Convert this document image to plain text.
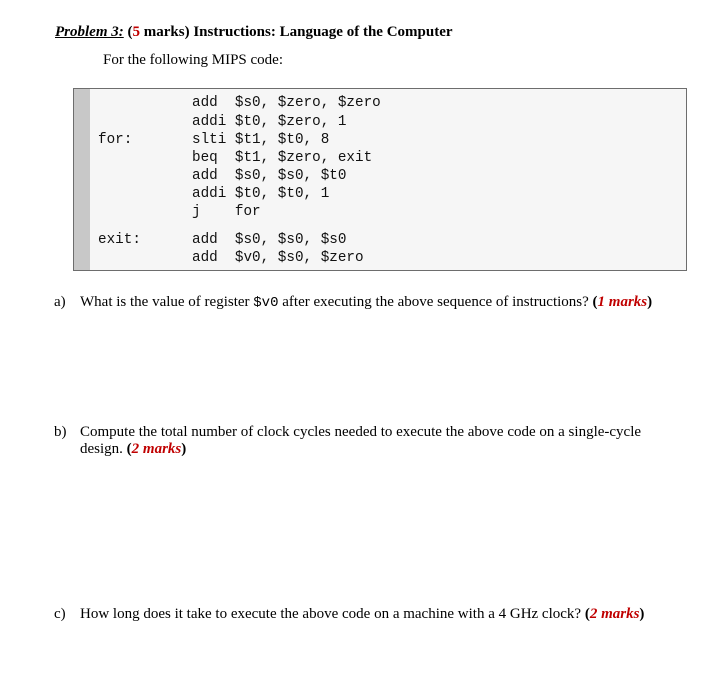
Problem 3: (5 marks) Instructions: Language of the Computer
For the following MIPS code:
for:
exit:
add  $s0, $zero, $zero
addi $t0, $zero, 1
slti $t1, $t0, 8
beq  $t1, $zero, exit
add  $s0, $s0, $t0
addi $t0, $t0, 1
j    for
add  $s0, $s0, $s0
add  $v0, $s0, $zero
a) What is the value of register $v0 after executing the above sequence of instructions? (1 marks)
b) Compute the total number of clock cycles needed to execute the above code on a single-cycle
design. (2 marks)
c) How long does it take to execute the above code on a machine with a 4 GHz clock? (2 marks)
